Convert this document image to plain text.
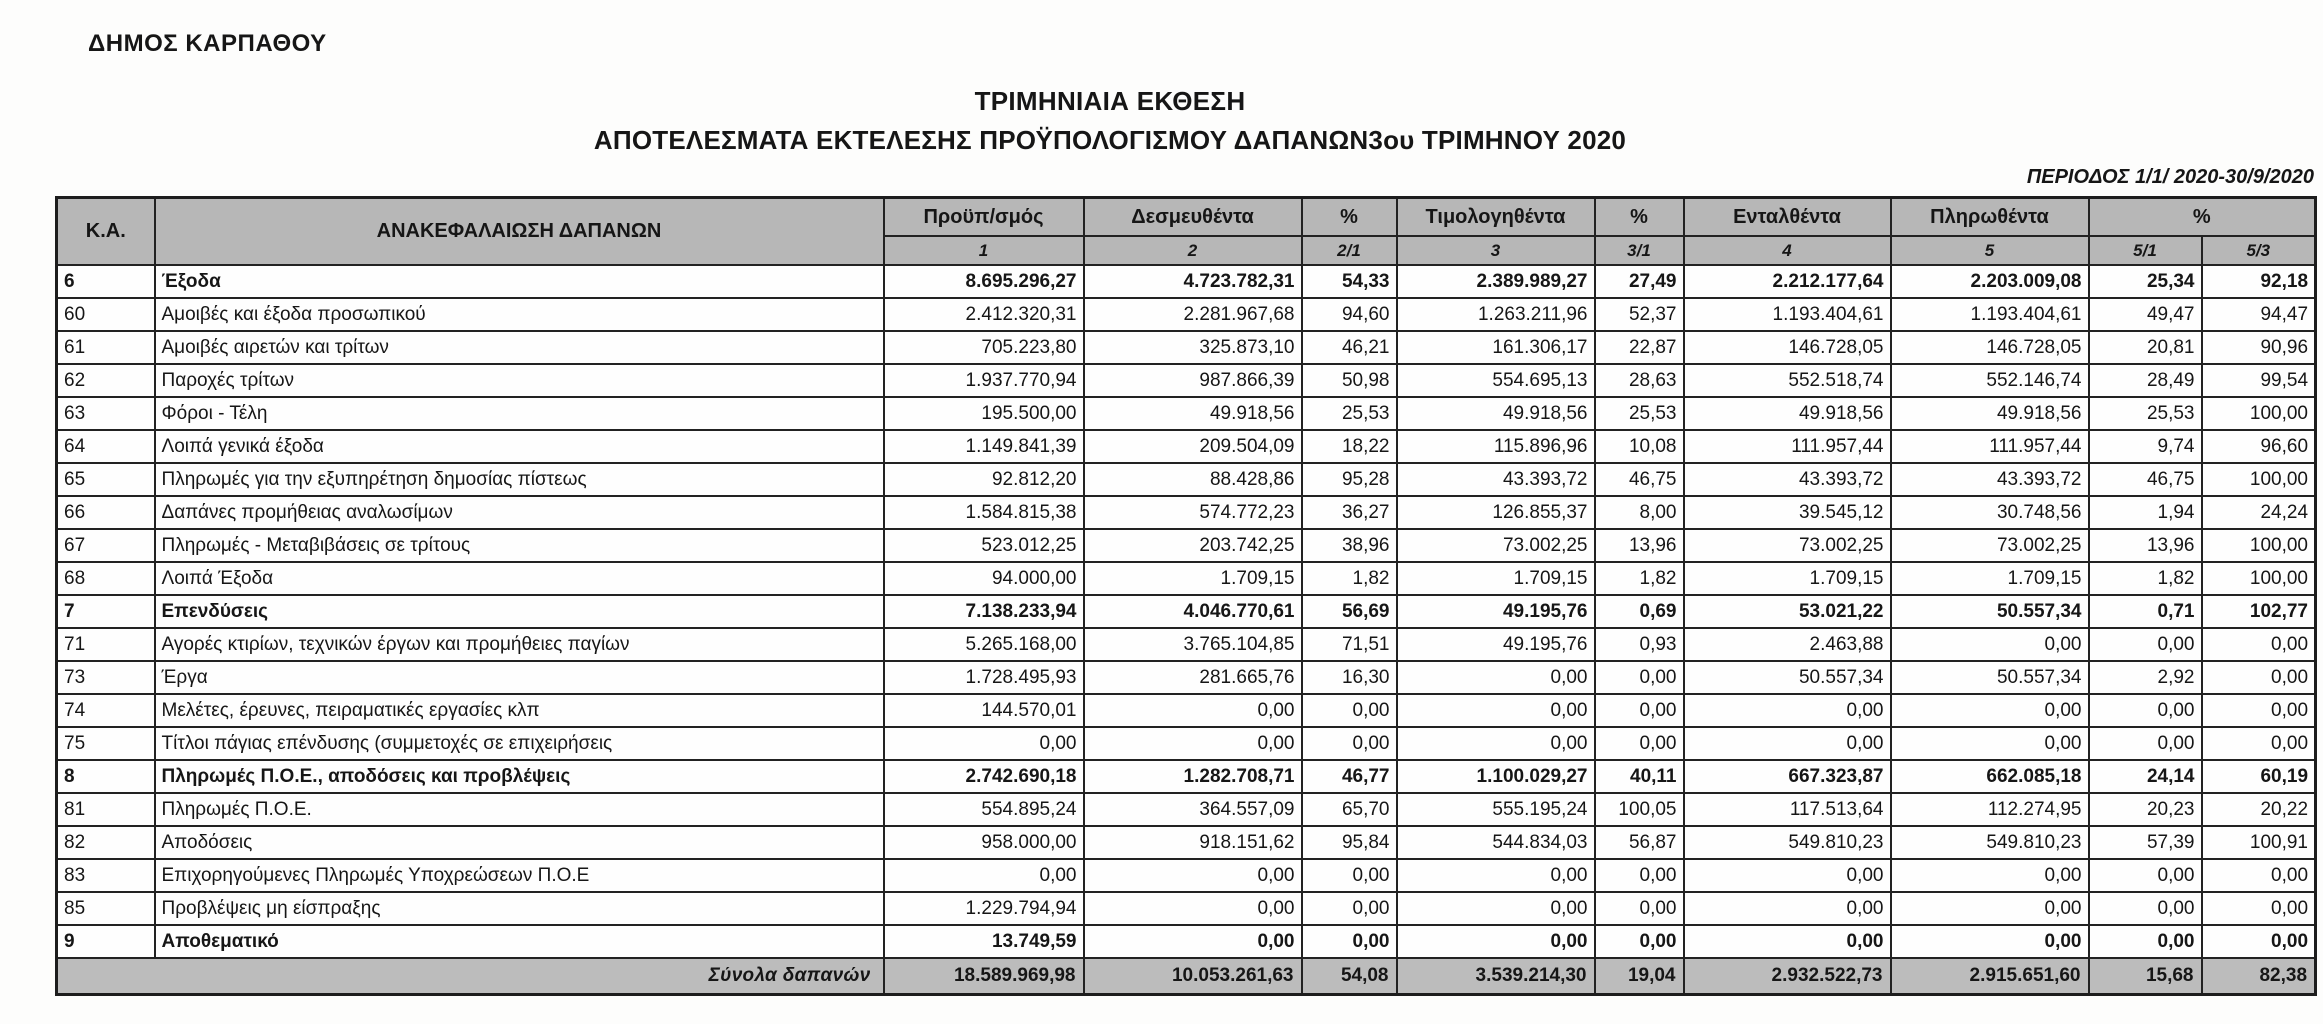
ΔΗΜΟΣ ΚΑΡΠΑΘΟΥ
ΤΡΙΜΗΝΙΑΙΑ ΕΚΘΕΣΗ
ΑΠΟΤΕΛΕΣΜΑΤΑ ΕΚΤΕΛΕΣΗΣ ΠΡΟΫΠΟΛΟΓΙΣΜΟΥ ΔΑΠΑΝΩΝ3ου ΤΡΙΜΗΝΟΥ 2020
ΠΕΡΙΟΔΟΣ 1/1/ 2020-30/9/2020
Κ.Α.	ΑΝΑΚΕΦΑΛΑΙΩΣΗ ΔΑΠΑΝΩΝ	Προϋπ/σμός	Δεσμευθέντα	%	Τιμολογηθέντα	%	Ενταλθέντα	Πληρωθέντα	%	
		1	2	2/1	3	3/1	4	5	5/1	5/3
6	Έξοδα	8.695.296,27	4.723.782,31	54,33	2.389.989,27	27,49	2.212.177,64	2.203.009,08	25,34	92,18
60	Αμοιβές και έξοδα προσωπικού	2.412.320,31	2.281.967,68	94,60	1.263.211,96	52,37	1.193.404,61	1.193.404,61	49,47	94,47
61	Αμοιβές αιρετών και τρίτων	705.223,80	325.873,10	46,21	161.306,17	22,87	146.728,05	146.728,05	20,81	90,96
62	Παροχές τρίτων	1.937.770,94	987.866,39	50,98	554.695,13	28,63	552.518,74	552.146,74	28,49	99,54
63	Φόροι - Τέλη	195.500,00	49.918,56	25,53	49.918,56	25,53	49.918,56	49.918,56	25,53	100,00
64	Λοιπά γενικά έξοδα	1.149.841,39	209.504,09	18,22	115.896,96	10,08	111.957,44	111.957,44	9,74	96,60
65	Πληρωμές για την εξυπηρέτηση δημοσίας πίστεως	92.812,20	88.428,86	95,28	43.393,72	46,75	43.393,72	43.393,72	46,75	100,00
66	Δαπάνες προμήθειας αναλωσίμων	1.584.815,38	574.772,23	36,27	126.855,37	8,00	39.545,12	30.748,56	1,94	24,24
67	Πληρωμές - Μεταβιβάσεις σε τρίτους	523.012,25	203.742,25	38,96	73.002,25	13,96	73.002,25	73.002,25	13,96	100,00
68	Λοιπά Έξοδα	94.000,00	1.709,15	1,82	1.709,15	1,82	1.709,15	1.709,15	1,82	100,00
7	Επενδύσεις	7.138.233,94	4.046.770,61	56,69	49.195,76	0,69	53.021,22	50.557,34	0,71	102,77
71	Αγορές κτιρίων, τεχνικών έργων και προμήθειες παγίων	5.265.168,00	3.765.104,85	71,51	49.195,76	0,93	2.463,88	0,00	0,00	0,00
73	Έργα	1.728.495,93	281.665,76	16,30	0,00	0,00	50.557,34	50.557,34	2,92	0,00
74	Μελέτες, έρευνες, πειραματικές εργασίες κλπ	144.570,01	0,00	0,00	0,00	0,00	0,00	0,00	0,00	0,00
75	Τίτλοι πάγιας επένδυσης (συμμετοχές σε επιχειρήσεις	0,00	0,00	0,00	0,00	0,00	0,00	0,00	0,00	0,00
8	Πληρωμές Π.Ο.Ε., αποδόσεις και προβλέψεις	2.742.690,18	1.282.708,71	46,77	1.100.029,27	40,11	667.323,87	662.085,18	24,14	60,19
81	Πληρωμές Π.Ο.Ε.	554.895,24	364.557,09	65,70	555.195,24	100,05	117.513,64	112.274,95	20,23	20,22
82	Αποδόσεις	958.000,00	918.151,62	95,84	544.834,03	56,87	549.810,23	549.810,23	57,39	100,91
83	Επιχορηγούμενες Πληρωμές Υποχρεώσεων Π.Ο.Ε	0,00	0,00	0,00	0,00	0,00	0,00	0,00	0,00	0,00
85	Προβλέψεις μη είσπραξης	1.229.794,94	0,00	0,00	0,00	0,00	0,00	0,00	0,00	0,00
9	Αποθεματικό	13.749,59	0,00	0,00	0,00	0,00	0,00	0,00	0,00	0,00
Σύνολα δαπανών		18.589.969,98	10.053.261,63	54,08	3.539.214,30	19,04	2.932.522,73	2.915.651,60	15,68	82,38
